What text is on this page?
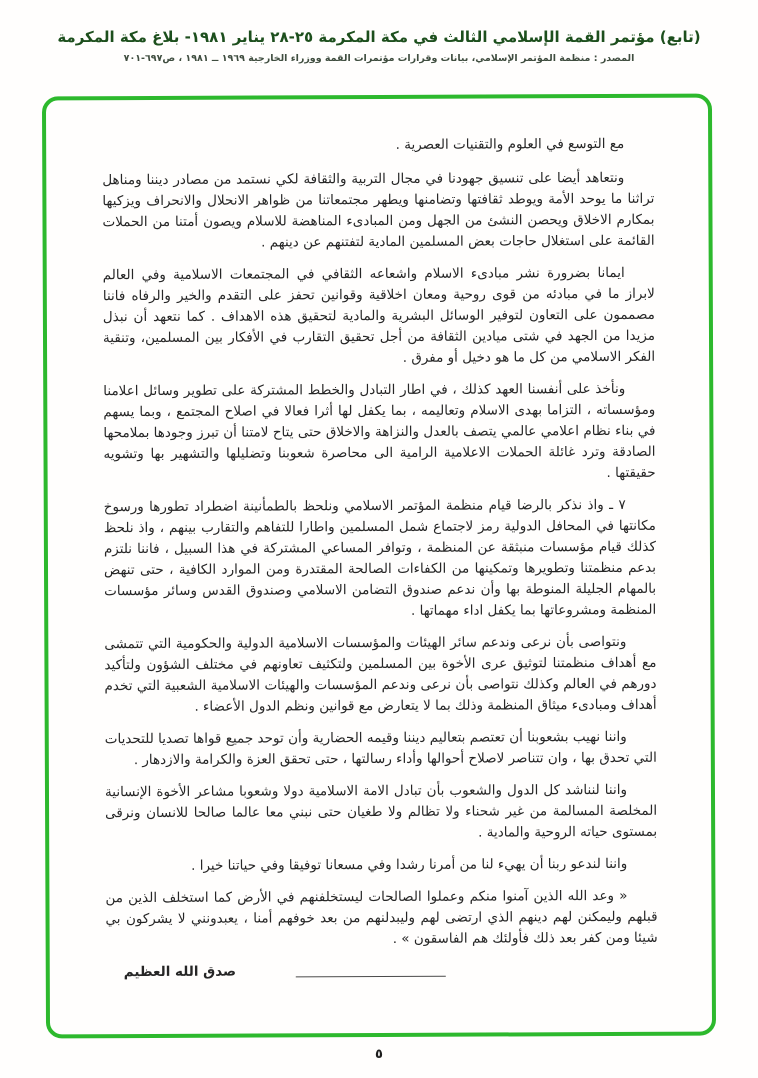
(تابع) مؤتمر القمة الإسلامي الثالث في مكة المكرمة ٢٥-٢٨ يناير ١٩٨١- بلاغ مكة المكرمة
المصدر : منظمة المؤتمر الإسلامي، بيانات وقرارات مؤتمرات القمة ووزراء الخارجية ١٩٦٩ ــ ١٩٨١ ، ص٦٩٧-٧٠١

مع التوسع في العلوم والتقنيات العصرية .

ونتعاهد أيضا على تنسيق جهودنا في مجال التربية والثقافة لكي نستمد من مصادر ديننا ومناهل تراثنا ما يوحد الأمة ويوطد ثقافتها وتضامنها ويطهر مجتمعاتنا من ظواهر الانحلال والانحراف ويزكيها بمكارم الاخلاق ويحصن النشئ من الجهل ومن المبادىء المناهضة للاسلام ويصون أمتنا من الحملات القائمة على استغلال حاجات بعض المسلمين المادية لتفتنهم عن دينهم .

ايمانا بضرورة نشر مبادىء الاسلام واشعاعه الثقافي في المجتمعات الاسلامية وفي العالم لابراز ما في مبادئه من قوى روحية ومعان اخلاقية وقوانين تحفز على التقدم والخير والرفاه فاننا مصممون على التعاون لتوفير الوسائل البشرية والمادية لتحقيق هذه الاهداف . كما نتعهد أن نبذل مزيدا من الجهد في شتى ميادين الثقافة من أجل تحقيق التقارب في الأفكار بين المسلمين، وتنقية الفكر الاسلامي من كل ما هو دخيل أو مفرق .

ونأخذ على أنفسنا العهد كذلك ، في اطار التبادل والخطط المشتركة على تطوير وسائل اعلامنا ومؤسساته ، التزاما بهدى الاسلام وتعاليمه ، بما يكفل لها أثرا فعالا في اصلاح المجتمع ، وبما يسهم في بناء نظام اعلامي عالمي يتصف بالعدل والنزاهة والاخلاق حتى يتاح لامتنا أن تبرز وجودها بملامحها الصادقة وترد غائلة الحملات الاعلامية الرامية الى محاصرة شعوبنا وتضليلها والتشهير بها وتشويه حقيقتها .

٧ ـ واذ نذكر بالرضا قيام منظمة المؤتمر الاسلامي ونلحظ بالطمأنينة اضطراد تطورها ورسوخ مكانتها في المحافل الدولية رمز لاجتماع شمل المسلمين واطارا للتفاهم والتقارب بينهم ، واذ نلحظ كذلك قيام مؤسسات منبثقة عن المنظمة ، وتوافر المساعي المشتركة في هذا السبيل ، فاننا نلتزم بدعم منظمتنا وتطويرها وتمكينها من الكفاءات الصالحة المقتدرة ومن الموارد الكافية ، حتى تنهض بالمهام الجليلة المنوطة بها وأن ندعم صندوق التضامن الاسلامي وصندوق القدس وسائر مؤسسات المنظمة ومشروعاتها بما يكفل اداء مهماتها .

ونتواصى بأن نرعى وندعم سائر الهيئات والمؤسسات الاسلامية الدولية والحكومية التي تتمشى مع أهداف منظمتنا لتوثيق عرى الأخوة بين المسلمين ولتكثيف تعاونهم في مختلف الشؤون ولتأكيد دورهم في العالم وكذلك نتواصى بأن نرعى وندعم المؤسسات والهيئات الاسلامية الشعبية التي تخدم أهداف ومبادىء ميثاق المنظمة وذلك بما لا يتعارض مع قوانين ونظم الدول الأعضاء .

واننا نهيب بشعوبنا أن تعتصم بتعاليم ديننا وقيمه الحضارية وأن توحد جميع قواها تصديا للتحديات التي تحدق بها ، وان تتناصر لاصلاح أحوالها وأداء رسالتها ، حتى تحقق العزة والكرامة والازدهار .

واننا لنناشد كل الدول والشعوب بأن تبادل الامة الاسلامية دولا وشعوبا مشاعر الأخوة الإنسانية المخلصة المسالمة من غير شحناء ولا تظالم ولا طغيان حتى نبني معا عالما صالحا للانسان ونرقى بمستوى حياته الروحية والمادية .

واننا لندعو ربنا أن يهيء لنا من أمرنا رشدا وفي مسعانا توفيقا وفي حياتنا خيرا .

« وعد الله الذين آمنوا منكم وعملوا الصالحات ليستخلفنهم في الأرض كما استخلف الذين من قبلهم وليمكنن لهم دينهم الذي ارتضى لهم وليبدلنهم من بعد خوفهم أمنا ، يعبدونني لا يشركون بي شيئا ومن كفر بعد ذلك فأولئك هم الفاسقون » .

صدق الله العظيم
٥
